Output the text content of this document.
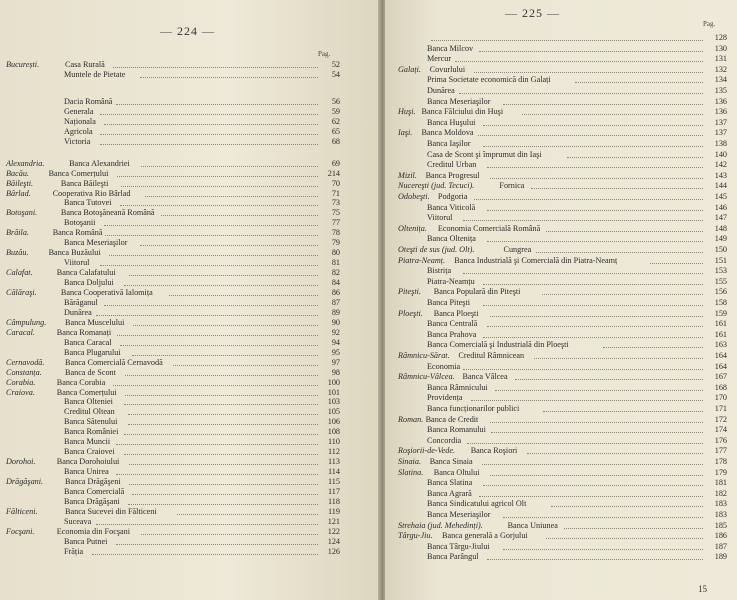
— 224 —
Pag.
București.	Casa Rurală	52
Muntele de Pietate	54
Dacia Română	56
Generala	59
Naționala	62
Agricola	65
Victoria	68
Alexandria.	Banca Alexandriei	69
Bacău. Banca Comerțului	214
Băileşti.	Banca Băileşti	70
Bârlad.	Cooperativa Rio Bârlad	71
Banca Tutovei	73
Botoşani.	Banca Botoşăneană Română	75
Botoşanii	77
Brăila.	Banca Română	78
Banca Meseriaşilor	79
Buzău. Banca Buzăului	80
Viitorul	81
Calafat.	Banca Calafatului	82
Banca Doljului	84
Călăraşi.	Banca Cooperativă Ialomița	86
Bărăganul	87
Dunărea	89
Câmpulung. Banca Muscelului	90
Caracal.	Banca Romanați	92
Banca Caracal	94
Banca Plugarului	95
Cernavodă.	Banca Comercială Cernavodă	97
Constanța.	Banca de Scont	98
Corabia.	Banca Corabia	100
Craiova.	Banca Comerțului	101
Banca Olteniei	103
Creditul Oltean	105
Banca Sătenului	106
Banca României	108
Banca Muncii	110
Banca Craiovei	112
Dorohoi.	Banca Dorohoiului	113
Banca Unirea	114
Drăgăşani.	Banca Drăgăşeni	115
Banca Comercială	117
Banca Drăgăşani	118
Fălticeni.	Banca Sucevei din Fălticeni	119
Suceava	121
Focşani.	Economia din Focşani	122
Banca Putnei	124
Frăția	126
— 225 —
Pag.
128
Banca Milcov	130
Mercur	131
Galați. Covurlului	132
Prima Societate economică din Galați	134
Dunărea	135
Banca Meseriaşilor	136
Huşi. Banca Fălciului din Huşi	136
Banca Huşului	137
Iaşi. Banca Moldova	137
Banca Iaşilor	138
Casa de Scont şi împrumut din Iaşi	140
Creditul Urban	142
Mizil. Banca Progresul	143
Nucereşti (jud. Tecuci).	Fornica	144
Odobeşti. Podgoria	145
Banca Viticolă	146
Viitorul	147
Oltenița. Economia Comercială Română	148
Banca Oltenița	149
Oteşti de sus (jud. Olt).	Cungrea	150
Piatra-Neamț. Banca Industrială şi Comercială din Piatra-Neamț	151
Bistrița	153
Piatra-Neamțu	155
Piteşti. Banca Populară din Piteşti	156
Banca Piteşti	158
Ploeşti. Banca Ploeşti	159
Banca Centrală	161
Banca Prahova	161
Banca Comercială şi Industrială din Ploeşti	163
Râmnicu-Sărat. Creditul Râmnicean	164
Economia	164
Râmnicu-Vâlcea. Banca Vâlcea	167
Banca Râmnicului	168
Providența	170
Banca funcționarilor publici	171
Roman. Banca de Credit	172
Banca Romanului	174
Concordia	176
Roşiorii-de-Vede. Banca Roşiori	177
Sinaia. Banca Sinaia	178
Slatina. Banca Oltului	179
Banca Slatina	181
Banca Agrară	182
Banca Sindicatului agricol Olt	183
Banca Meseriaşilor	183
Strehaia (jud. Mehedinți).	Banca Uniunea	185
Târgu-Jiu. Banca generală a Gorjului	186
Banca Târgu-Jiului	187
Banca Parângul	189
15
